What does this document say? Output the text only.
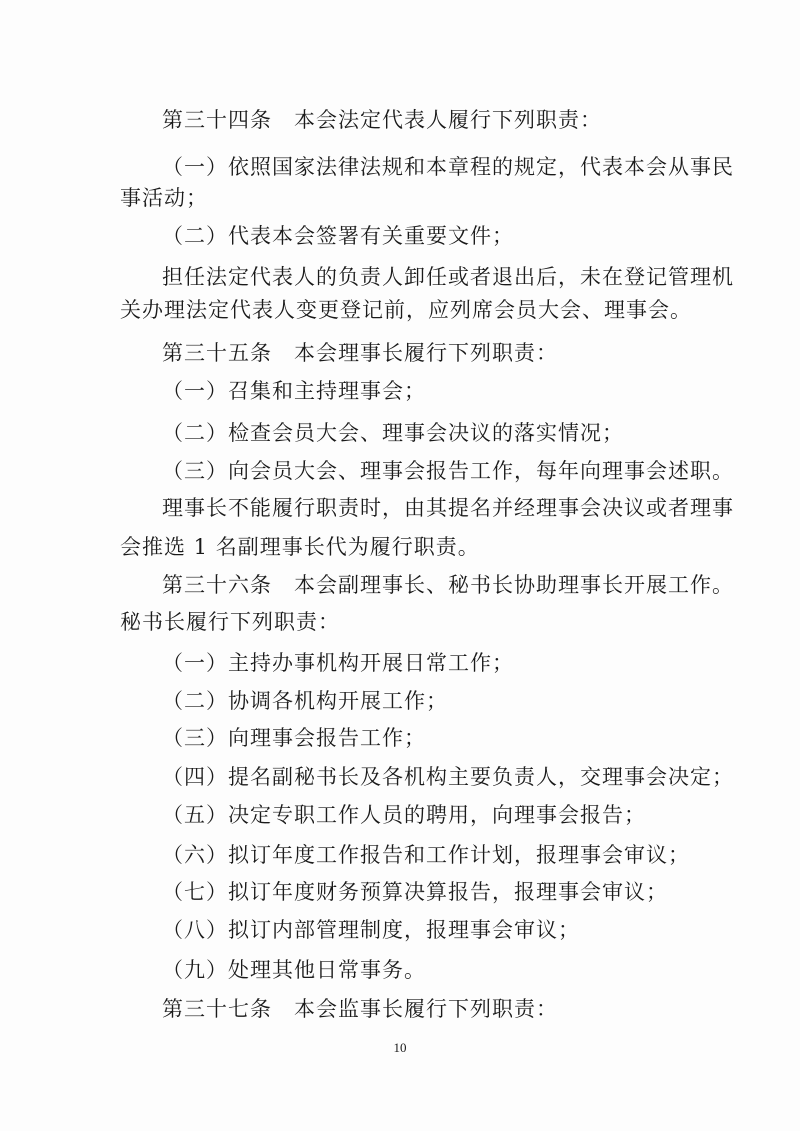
第三十四条　本会法定代表人履行下列职责：
（一）依照国家法律法规和本章程的规定，代表本会从事民
事活动；
（二）代表本会签署有关重要文件；
担任法定代表人的负责人卸任或者退出后，未在登记管理机
关办理法定代表人变更登记前，应列席会员大会、理事会。
第三十五条　本会理事长履行下列职责：
（一）召集和主持理事会；
（二）检查会员大会、理事会决议的落实情况；
（三）向会员大会、理事会报告工作，每年向理事会述职。
理事长不能履行职责时，由其提名并经理事会决议或者理事
会推选 1 名副理事长代为履行职责。
第三十六条　本会副理事长、秘书长协助理事长开展工作。
秘书长履行下列职责：
（一）主持办事机构开展日常工作；
（二）协调各机构开展工作；
（三）向理事会报告工作；
（四）提名副秘书长及各机构主要负责人，交理事会决定；
（五）决定专职工作人员的聘用，向理事会报告；
（六）拟订年度工作报告和工作计划，报理事会审议；
（七）拟订年度财务预算决算报告，报理事会审议；
（八）拟订内部管理制度，报理事会审议；
（九）处理其他日常事务。
第三十七条　本会监事长履行下列职责：
10
